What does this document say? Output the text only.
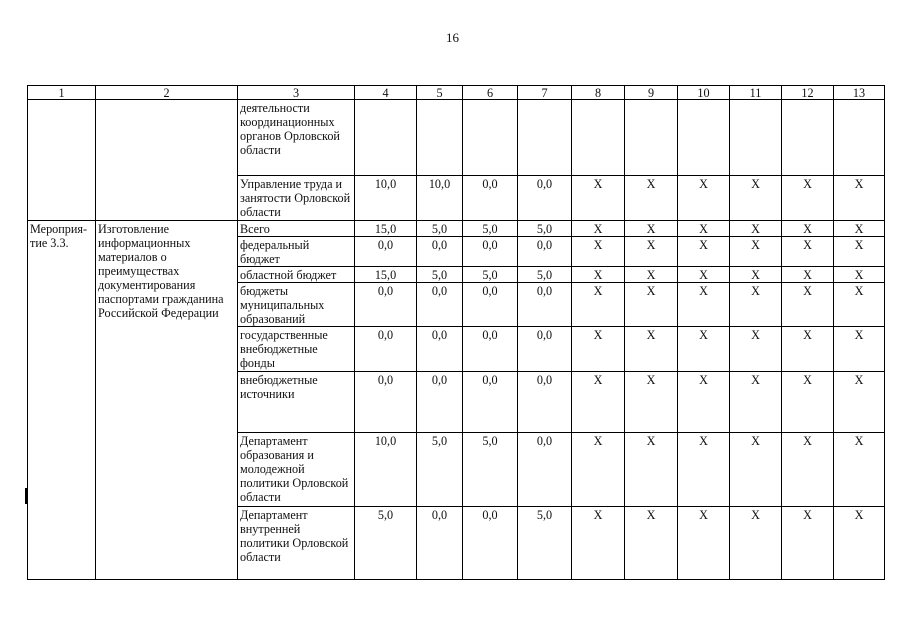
16
1	2	3	4	5	6	7	8	9	10	11	12	13
		деятельности координационных органов Орловской области										
		Управление труда и занятости Орловской области	10,0	10,0	0,0	0,0	X	X	X	X	X	X
Мероприя-тие 3.3.	Изготовление информационных материалов о преимуществах документирования паспортами гражданина Российской Федерации	Всего	15,0	5,0	5,0	5,0	X	X	X	X	X	X
		федеральный бюджет	0,0	0,0	0,0	0,0	X	X	X	X	X	X
		областной бюджет	15,0	5,0	5,0	5,0	X	X	X	X	X	X
		бюджеты муниципальных образований	0,0	0,0	0,0	0,0	X	X	X	X	X	X
		государственные внебюджетные фонды	0,0	0,0	0,0	0,0	X	X	X	X	X	X
		внебюджетные источники	0,0	0,0	0,0	0,0	X	X	X	X	X	X
		Департамент образования и молодежной политики Орловской области	10,0	5,0	5,0	0,0	X	X	X	X	X	X
		Департамент внутренней политики Орловской области	5,0	0,0	0,0	5,0	X	X	X	X	X	X
